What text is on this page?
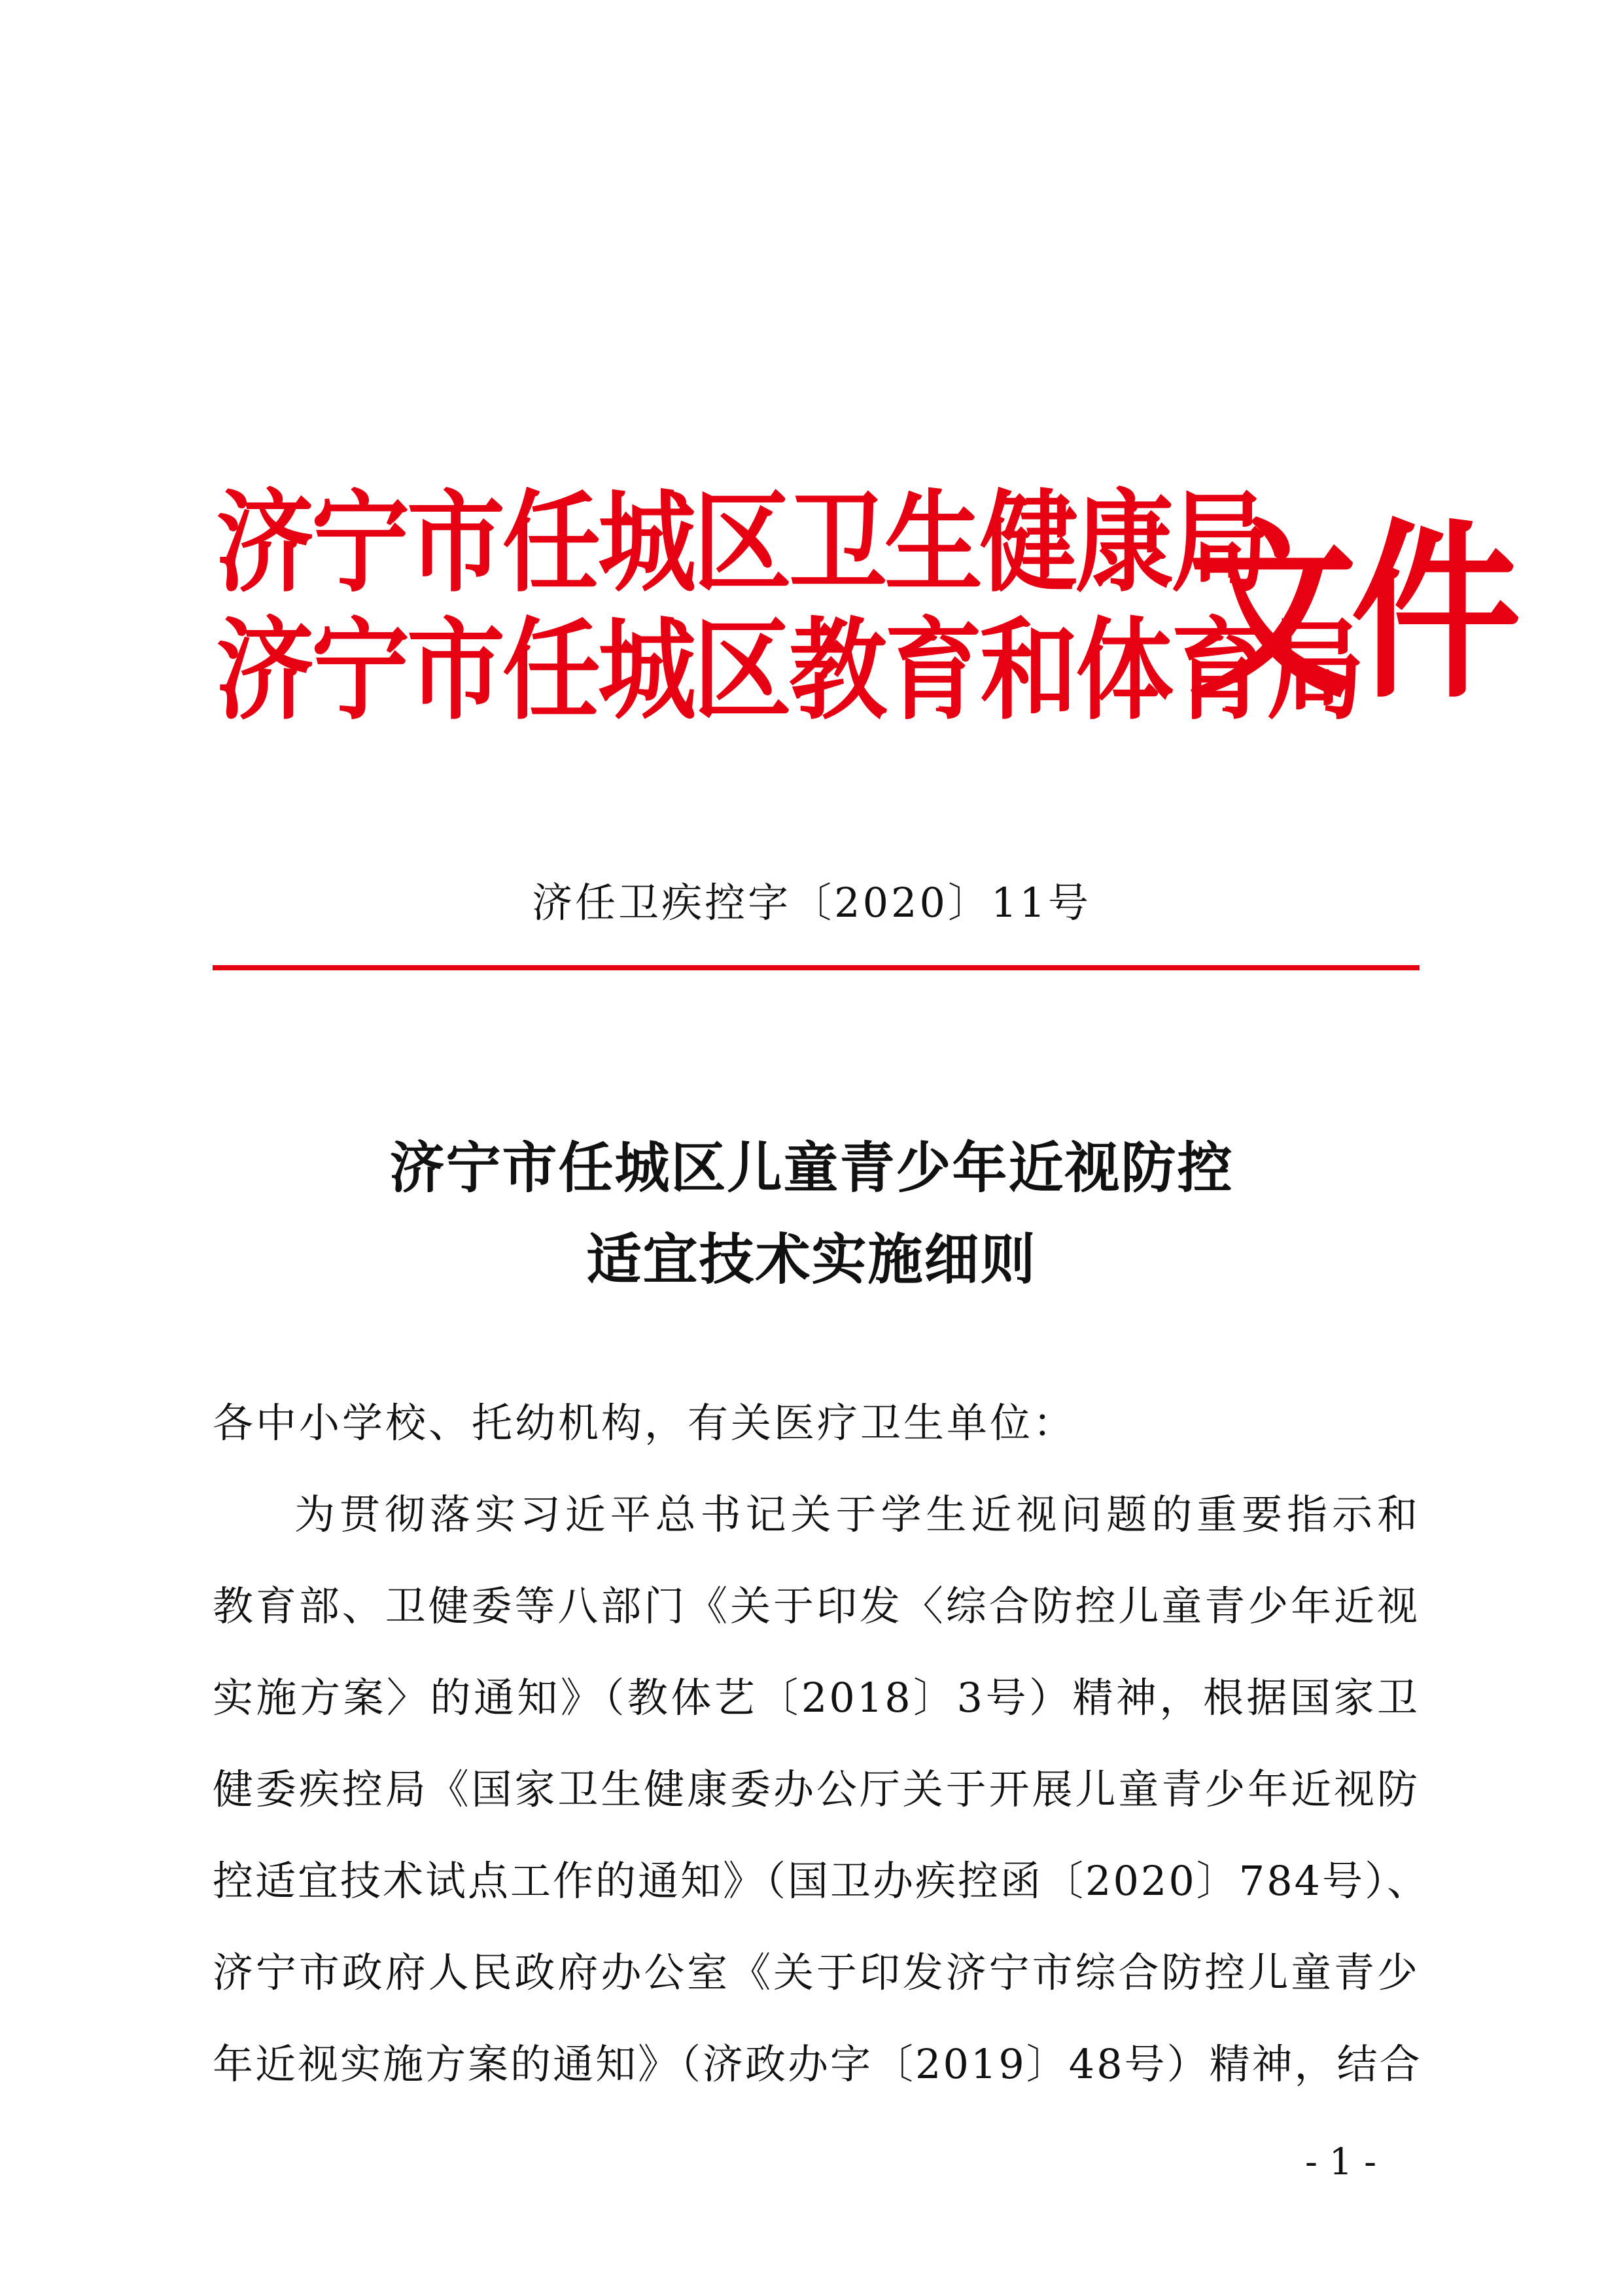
济宁市任城区卫生健康局
济宁市任城区教育和体育局
文件
济任卫疾控字〔2020〕11号
济宁市任城区儿童青少年近视防控
适宜技术实施细则
各中小学校、托幼机构，有关医疗卫生单位：
为贯彻落实习近平总书记关于学生近视问题的重要指示和
教育部、卫健委等八部门《关于印发〈综合防控儿童青少年近视
实施方案〉的通知》（教体艺〔2018〕3号）精神，根据国家卫
健委疾控局《国家卫生健康委办公厅关于开展儿童青少年近视防
控适宜技术试点工作的通知》（国卫办疾控函〔2020〕784号）、
济宁市政府人民政府办公室《关于印发济宁市综合防控儿童青少
年近视实施方案的通知》（济政办字〔2019〕48号）精神，结合
- 1 -
